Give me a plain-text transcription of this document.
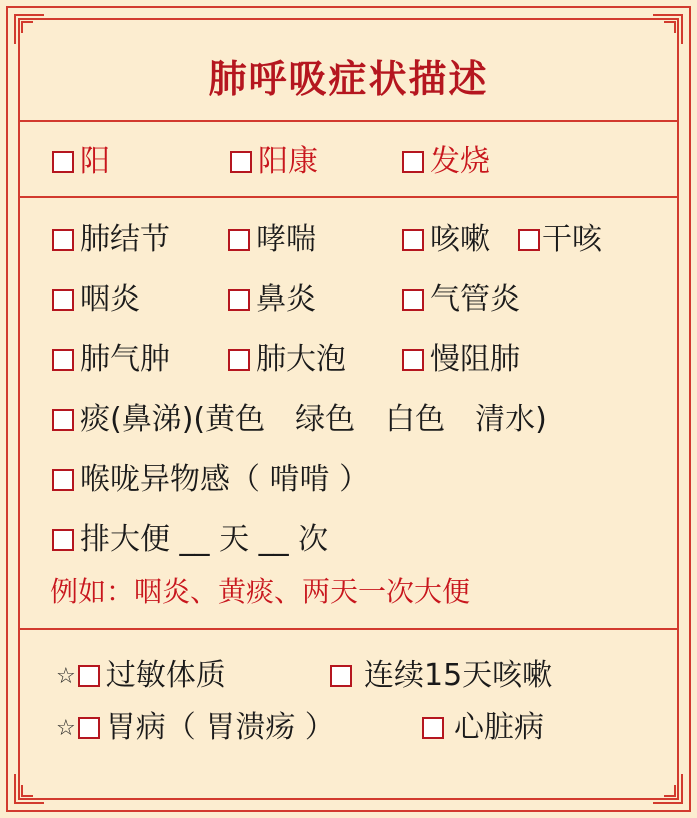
肺呼吸症状描述
阳	阳康	发烧
肺结节	哮喘	咳嗽 干咳
咽炎	鼻炎	气管炎
肺气肿	肺大泡	慢阻肺
痰(鼻涕)(黄色　绿色　白色　清水)
喉咙异物感（ 啃啃 ）
排大便 __ 天 __ 次
例如：咽炎、黄痰、两天一次大便
☆ 过敏体质	连续15天咳嗽
☆ 胃病（ 胃溃疡 ）	心脏病
